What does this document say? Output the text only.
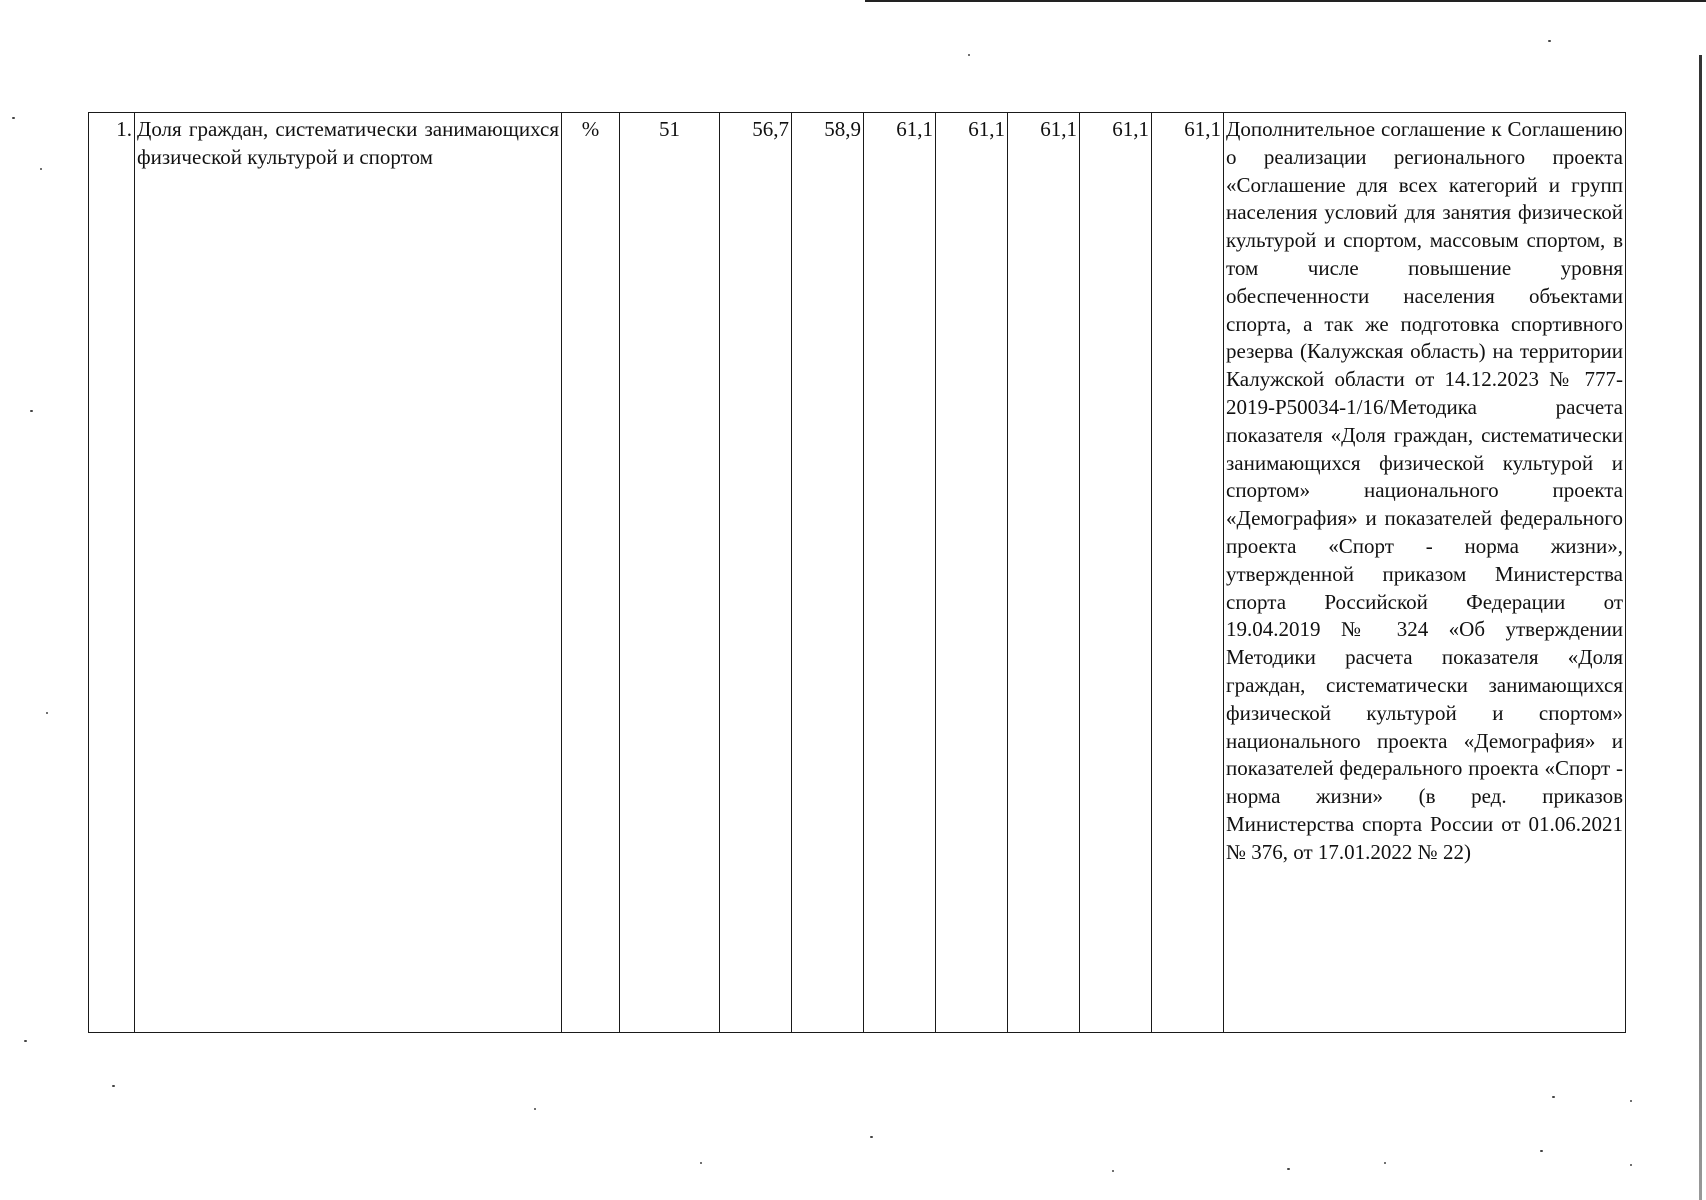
1.	Доля граждан, систематически занимающихся физической культурой и спортом	%	51	56,7	58,9	61,1	61,1	61,1	61,1	61,1	Дополнительное соглашение к Соглашению о реализации регионального проекта «Соглашение для всех категорий и групп населения условий для занятия физической культурой и спортом, массовым спортом, в том числе повышение уровня обеспеченности населения объектами спорта, а так же подготовка спортивного резерва (Калужская область) на территории Калужской области от 14.12.2023 № 777-2019-Р50034-1/16/Методика расчета показателя «Доля граждан, систематически занимающихся физической культурой и спортом» национального проекта «Демография» и показателей федерального проекта «Спорт - норма жизни», утвержденной приказом Министерства спорта Российской Федерации от 19.04.2019 № 324 «Об утверждении Методики расчета показателя «Доля граждан, систематически занимающихся физической культурой и спортом» национального проекта «Демография» и показателей федерального проекта «Спорт - норма жизни» (в ред. приказов Министерства спорта России от 01.06.2021 № 376, от 17.01.2022 № 22)
